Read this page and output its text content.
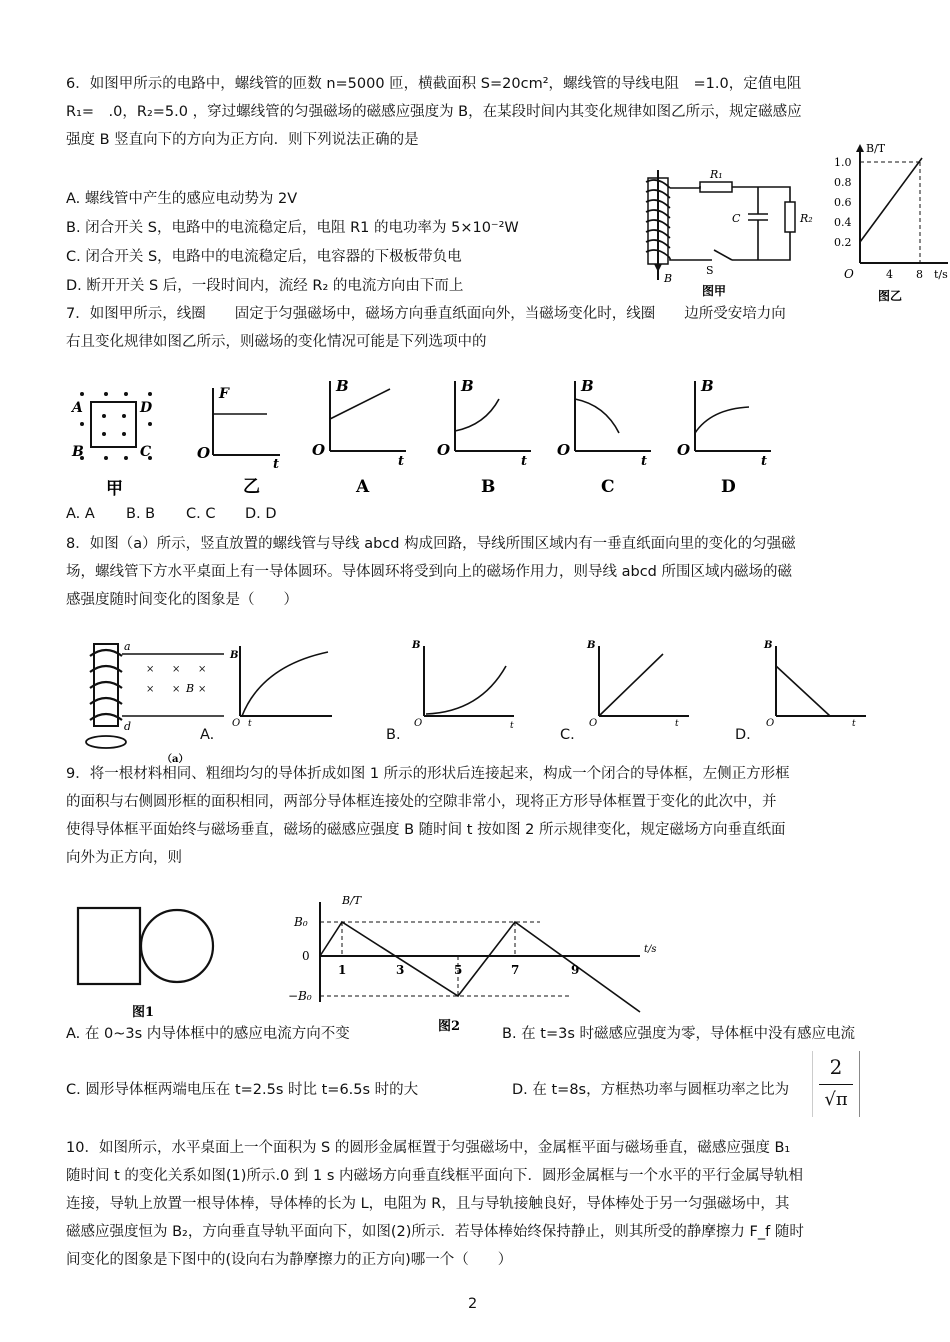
6．如图甲所示的电路中，螺线管的匝数 n=5000 匝，横截面积 S=20cm²，螺线管的导线电阻　=1.0，定值电阻
R₁=　.0，R₂=5.0 ，穿过螺线管的匀强磁场的磁感应强度为 B，在某段时间内其变化规律如图乙所示，规定磁感应
强度 B 竖直向下的方向为正方向．则下列说法正确的是
A. 螺线管中产生的感应电动势为 2V
B. 闭合开关 S，电路中的电流稳定后，电阻 R1 的电功率为 5×10⁻²W
C. 闭合开关 S，电路中的电流稳定后，电容器的下极板带负电
D. 断开开关 S 后，一段时间内，流经 R₂ 的电流方向由下而上
R₁
R₂
C
S
B
图甲
B/T
1.0
0.8
0.6
0.4
0.2
O	4 8 t/s
图乙
7．如图甲所示，线圈　　固定于匀强磁场中，磁场方向垂直纸面向外，当磁场变化时，线圈　　边所受安培力向
右且变化规律如图乙所示，则磁场的变化情况可能是下列选项中的
A	D
B	C
甲
F
O
t
乙
B
O
t
A
B
O
t
B
B
O
t
C
B
O
t
D
A. A B. B C. C D. D
8．如图（a）所示，竖直放置的螺线管与导线 abcd 构成回路，导线所围区域内有一垂直纸面向里的变化的匀强磁
场，螺线管下方水平桌面上有一导体圆环。导体圆环将受到向上的磁场作用力，则导线 abcd 所围区域内磁场的磁
感强度随时间变化的图象是（　　）
× × ×
× × ×
B
a
d
（a）
B
O t
A.
B
O	t
B.
B
O	t
C.
B
O	t
D.
9．将一根材料相同、粗细均匀的导体折成如图 1 所示的形状后连接起来，构成一个闭合的导体框，左侧正方形框
的面积与右侧圆形框的面积相同，两部分导体框连接处的空隙非常小，现将正方形导体框置于变化的此次中，并
使得导体框平面始终与磁场垂直，磁场的磁感应强度 B 随时间 t 按如图 2 所示规律变化，规定磁场方向垂直纸面
向外为正方向，则
图1
B/T
B₀
0
−B₀
1	3	5	7	9
t/s
图2
A. 在 0~3s 内导体框中的感应电流方向不变	B. 在 t=3s 时磁感应强度为零，导体框中没有感应电流
C. 圆形导体框两端电压在 t=2.5s 时比 t=6.5s 时的大	D. 在 t=8s，方框热功率与圆框功率之比为
2
√π
10．如图所示，水平桌面上一个面积为 S 的圆形金属框置于匀强磁场中，金属框平面与磁场垂直，磁感应强度 B₁
随时间 t 的变化关系如图(1)所示.0 到 1 s 内磁场方向垂直线框平面向下．圆形金属框与一个水平的平行金属导轨相
连接，导轨上放置一根导体棒，导体棒的长为 L，电阻为 R，且与导轨接触良好，导体棒处于另一匀强磁场中，其
磁感应强度恒为 B₂，方向垂直导轨平面向下，如图(2)所示．若导体棒始终保持静止，则其所受的静摩擦力 F_f 随时
间变化的图象是下图中的(设向右为静摩擦力的正方向)哪一个（　　）
2
